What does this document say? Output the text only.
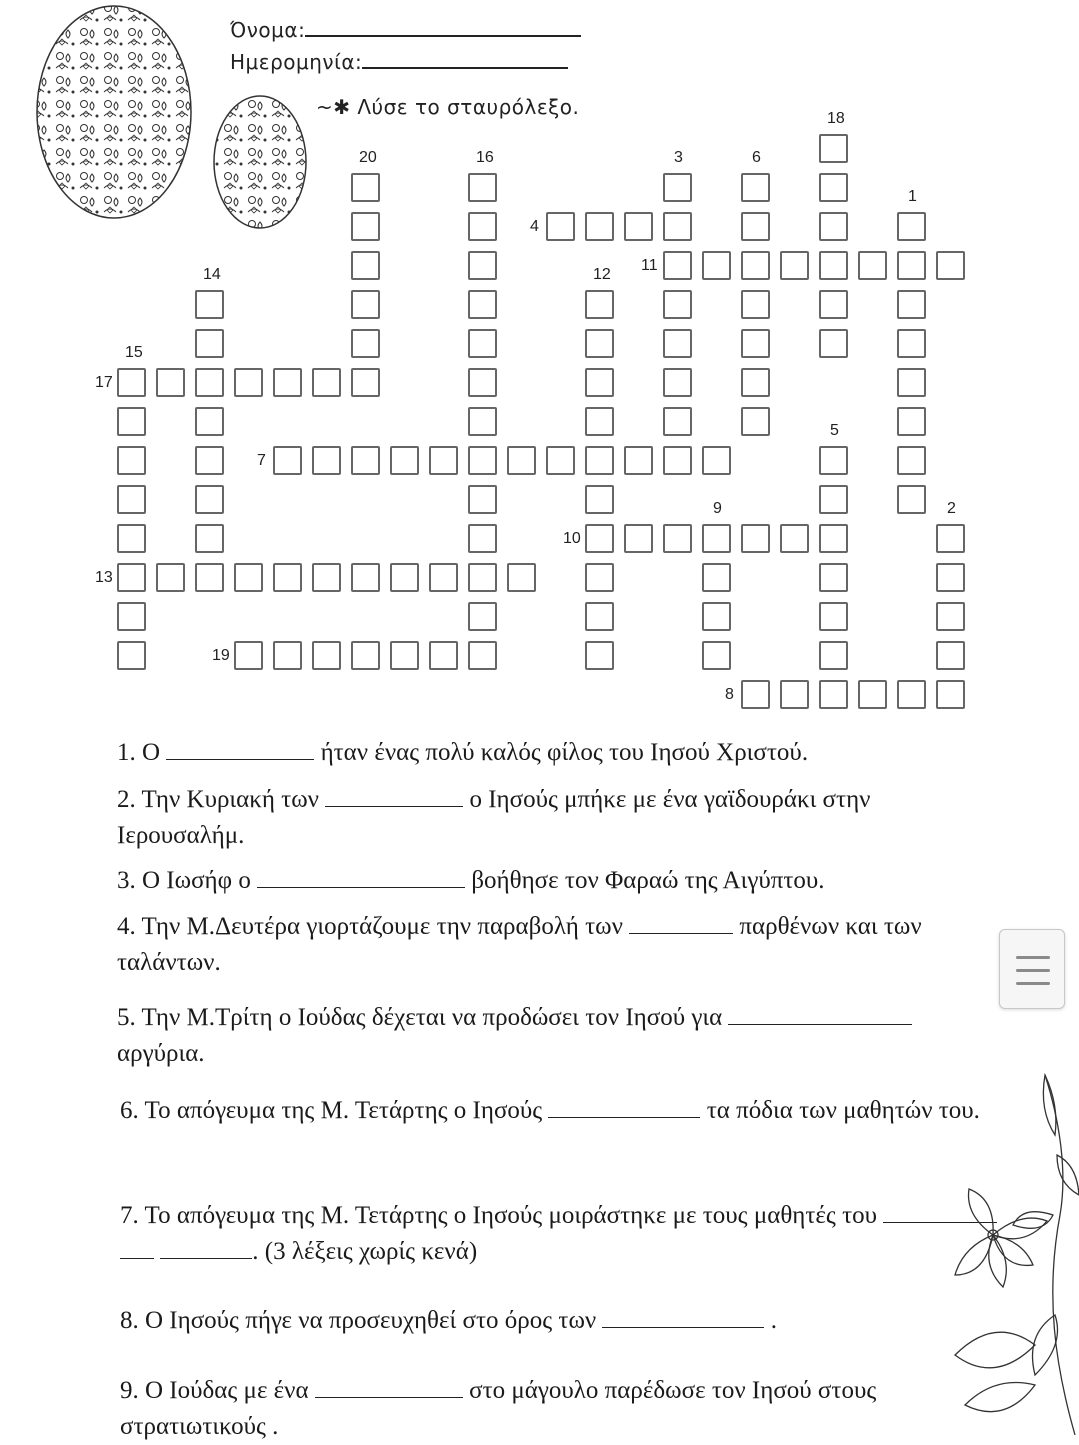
Όνομα:
Ημερομηνία:
~✱ Λύσε το σταυρόλεξο.
1
2
3
4
5
6
7
8
9
10
11
12
13
14
15
16
17
18
19
20
1. Ο	ήταν ένας πολύ καλός φίλος του Ιησού Χριστού.
2. Την Κυριακή των	ο Ιησούς μπήκε με ένα γαϊδουράκι στην Ιερουσαλήμ.
3. Ο Ιωσήφ ο	βοήθησε τον Φαραώ της Αιγύπτου.
4. Την Μ.Δευτέρα γιορτάζουμε την παραβολή των	παρθένων και των ταλάντων.
5. Την Μ.Τρίτη ο Ιούδας δέχεται να προδώσει τον Ιησού για  αργύρια.
6. Το απόγευμα της Μ. Τετάρτης ο Ιησούς	τα πόδια των μαθητών του.
7. Το απόγευμα της Μ. Τετάρτης ο Ιησούς μοιράστηκε με τους μαθητές του   . (3 λέξεις χωρίς κενά)
8. Ο Ιησούς πήγε να προσευχηθεί στο όρος των	.
9. Ο Ιούδας με ένα	στο μάγουλο παρέδωσε τον Ιησού στους στρατιωτικούς .
